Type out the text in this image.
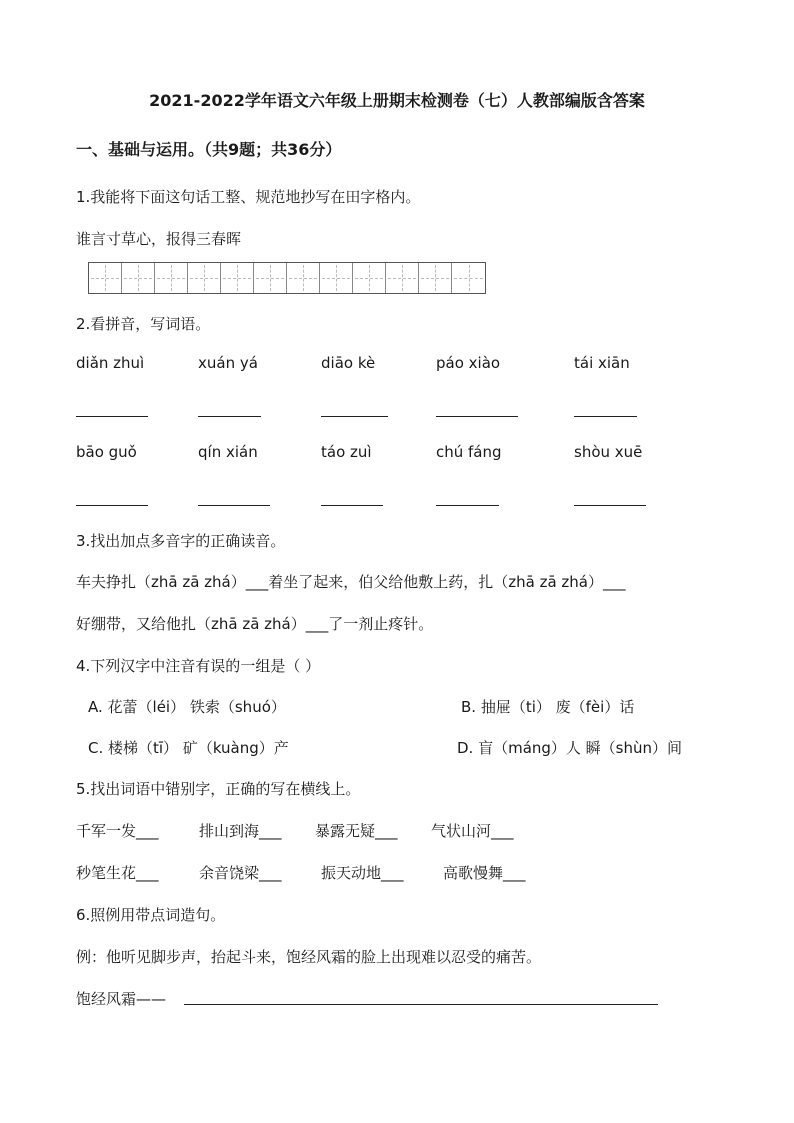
2021-2022学年语文六年级上册期末检测卷（七）人教部编版含答案
一、基础与运用。（共9题；共36分）
1.我能将下面这句话工整、规范地抄写在田字格内。
谁言寸草心，报得三春晖
2.看拼音，写词语。
diǎn zhuì	xuán yá	diāo kè	páo xiào	tái xiān
bāo guǒ	qín xián	táo zuì	chú fáng	shòu xuē
3.找出加点多音字的正确读音。
车夫挣扎（zhā zā zhá）___着坐了起来，伯父给他敷上药，扎（zhā zā zhá）___
好绷带，又给他扎（zhā zā zhá）___了一剂止疼针。
4.下列汉字中注音有误的一组是（ ）
A. 花蕾（léi） 铁索（shuó）	B. 抽屉（ti） 废（fèi）话
C. 楼梯（tī） 矿（kuàng）产	D. 盲（máng）人 瞬（shùn）间
5.找出词语中错别字，正确的写在横线上。
千军一发___	排山到海___ 暴露无疑___ 气状山河___
秒笔生花___	余音饶梁___	振天动地___	高歌慢舞___
6.照例用带点词造句。
例：他听见脚步声，抬起斗来，饱经风霜的脸上出现难以忍受的痛苦。
饱经风霜——
